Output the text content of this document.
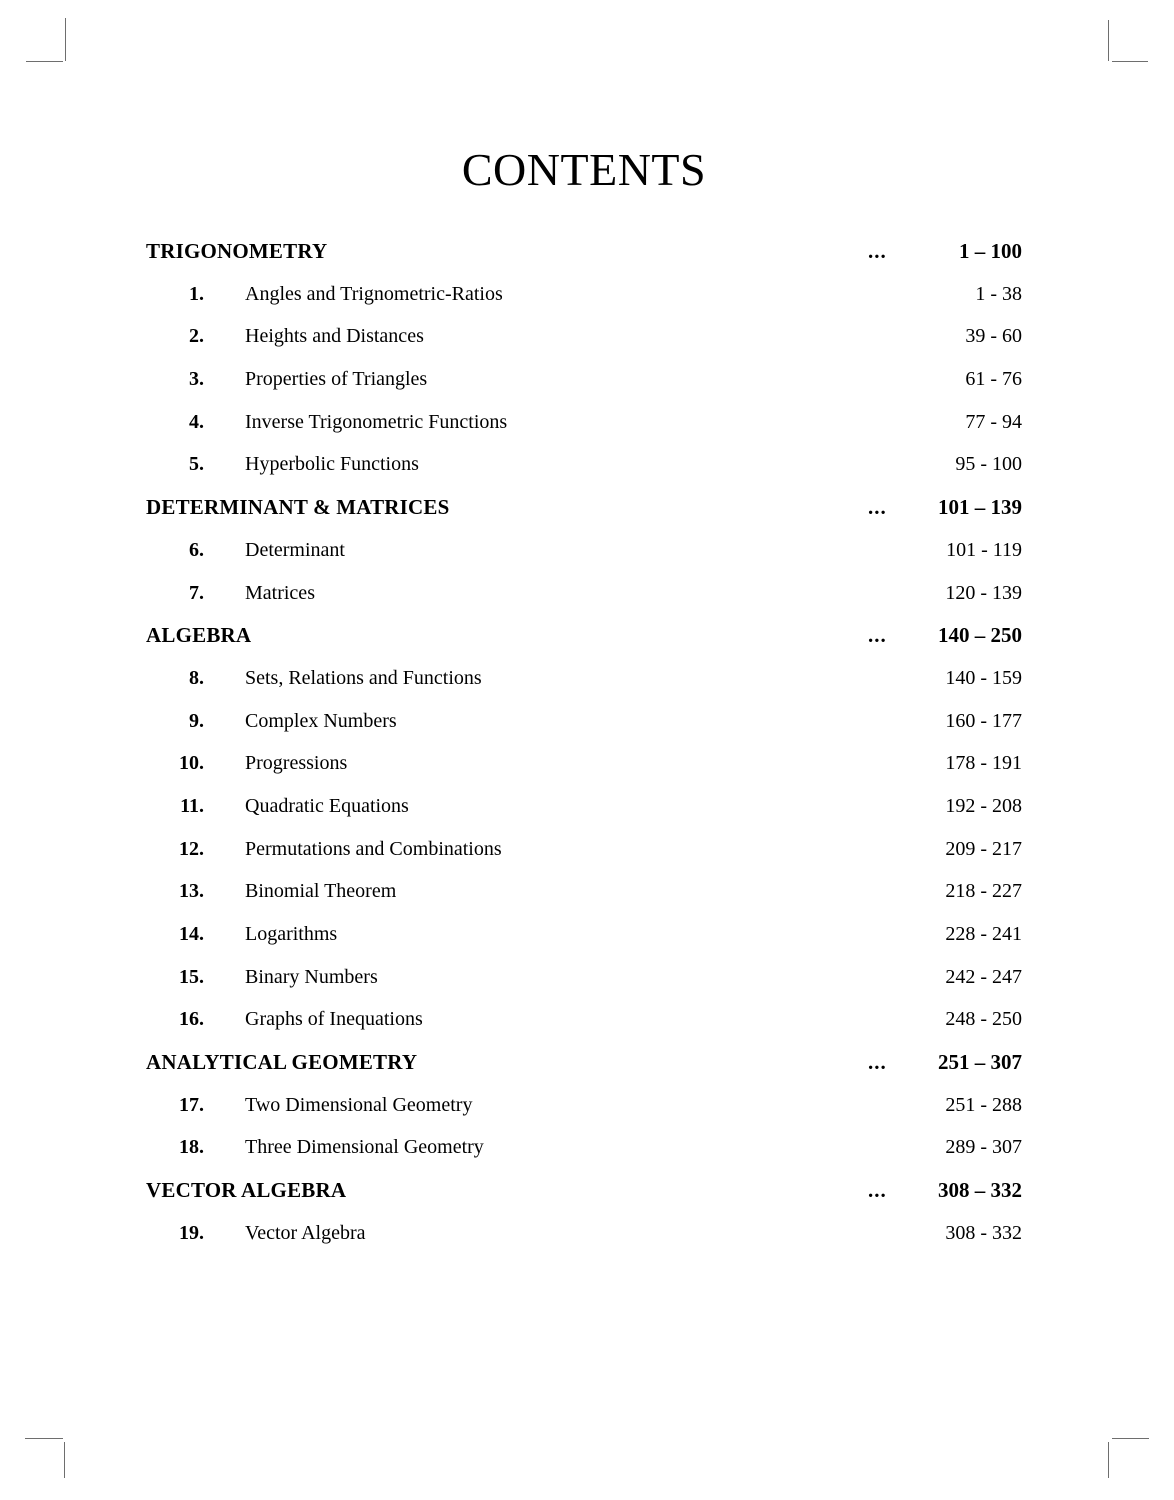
CONTENTS
TRIGONOMETRY	...	1 – 100
1. Angles and Trignometric-Ratios	1 - 38
2. Heights and Distances	39 - 60
3. Properties of Triangles	61 - 76
4. Inverse Trigonometric Functions	77 - 94
5. Hyperbolic Functions	95 - 100
DETERMINANT & MATRICES	... 101 – 139
6. Determinant	101 - 119
7. Matrices	120 - 139
ALGEBRA	... 140 – 250
8. Sets, Relations and Functions	140 - 159
9. Complex Numbers	160 - 177
10. Progressions	178 - 191
11. Quadratic Equations	192 - 208
12. Permutations and Combinations	209 - 217
13. Binomial Theorem	218 - 227
14. Logarithms	228 - 241
15. Binary Numbers	242 - 247
16. Graphs of Inequations	248 - 250
ANALYTICAL GEOMETRY	... 251 – 307
17. Two Dimensional Geometry	251 - 288
18. Three Dimensional Geometry	289 - 307
VECTOR ALGEBRA	... 308 – 332
19. Vector Algebra	308 - 332
